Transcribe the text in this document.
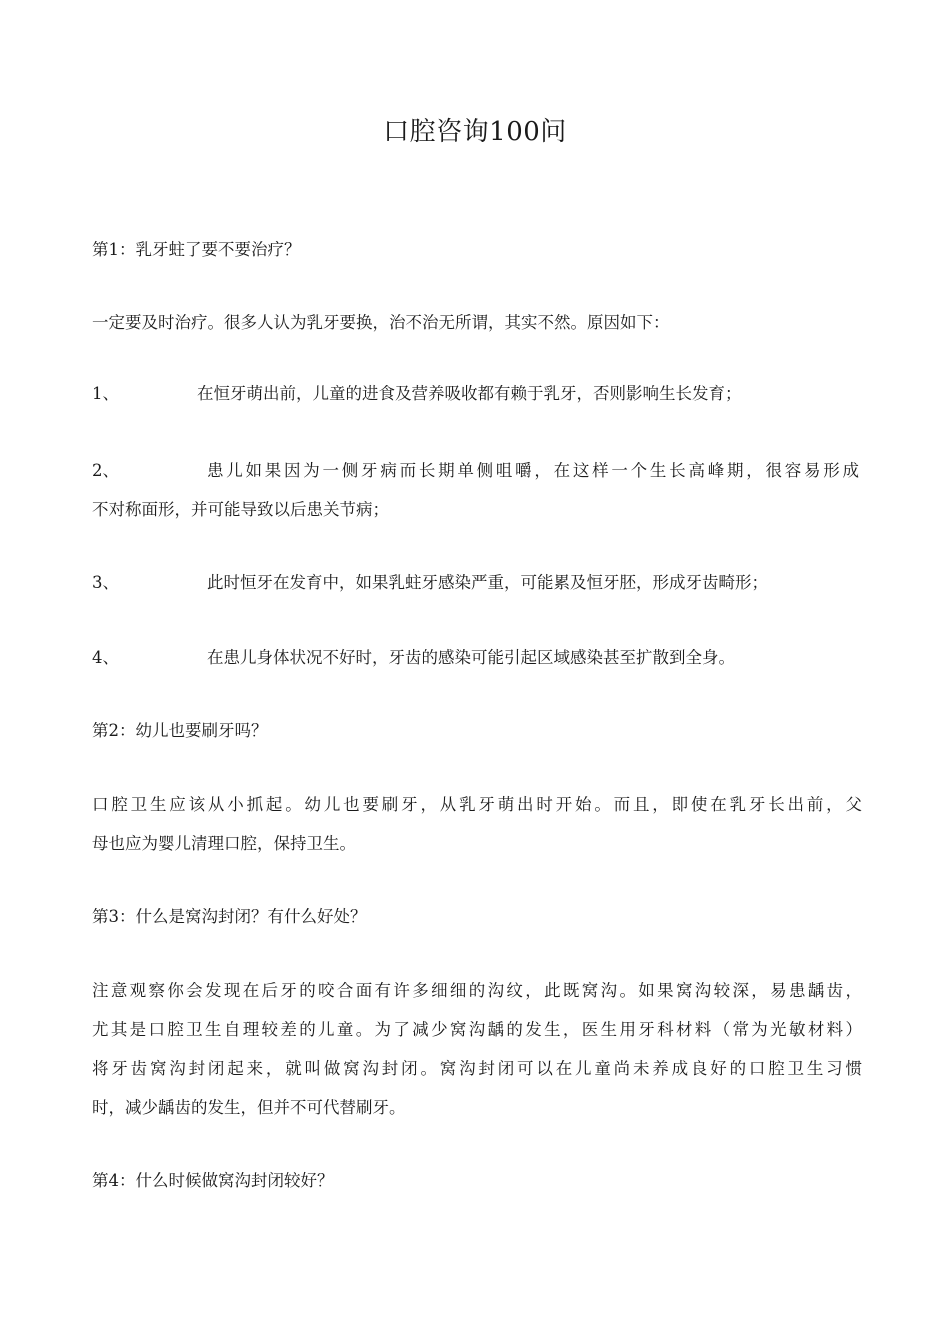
口腔咨询100问
第1：乳牙蛀了要不要治疗？
一定要及时治疗。很多人认为乳牙要换，治不治无所谓，其实不然。原因如下：
1、	在恒牙萌出前，儿童的进食及营养吸收都有赖于乳牙，否则影响生长发育；
2、	患儿如果因为一侧牙病而长期单侧咀嚼，在这样一个生长高峰期，很容易形成
不对称面形，并可能导致以后患关节病；
3、	此时恒牙在发育中，如果乳蛀牙感染严重，可能累及恒牙胚，形成牙齿畸形；
4、	在患儿身体状况不好时，牙齿的感染可能引起区域感染甚至扩散到全身。
第2：幼儿也要刷牙吗？
口腔卫生应该从小抓起。幼儿也要刷牙，从乳牙萌出时开始。而且，即使在乳牙长出前，父
母也应为婴儿清理口腔，保持卫生。
第3：什么是窝沟封闭？有什么好处？
注意观察你会发现在后牙的咬合面有许多细细的沟纹，此既窝沟。如果窝沟较深，易患龋齿，
尤其是口腔卫生自理较差的儿童。为了减少窝沟龋的发生，医生用牙科材料（常为光敏材料）
将牙齿窝沟封闭起来，就叫做窝沟封闭。窝沟封闭可以在儿童尚未养成良好的口腔卫生习惯
时，减少龋齿的发生，但并不可代替刷牙。
第4：什么时候做窝沟封闭较好？
